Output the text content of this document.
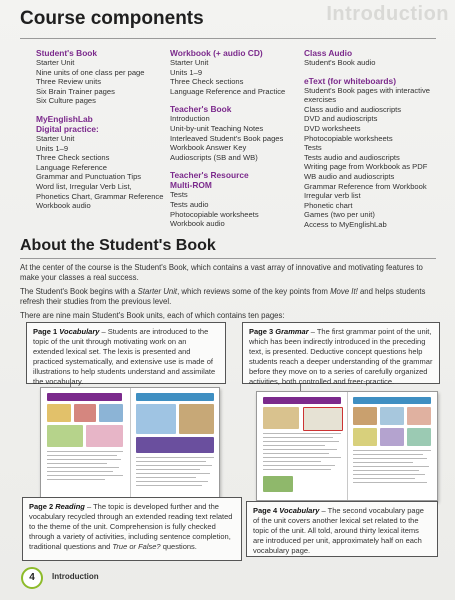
Introduction
Course components
Student's Book
Starter Unit
Nine units of one class per page
Three Review units
Six Brain Trainer pages
Six Culture pages
MyEnglishLab
Digital practice:
Starter Unit
Units 1–9
Three Check sections
Language Reference
Grammar and Punctuation Tips
Word list, Irregular Verb List,
Phonetics Chart, Grammar Reference
Workbook audio
Workbook (+ audio CD)
Starter Unit
Units 1–9
Three Check sections
Language Reference and Practice
Teacher's Book
Introduction
Unit-by-unit Teaching Notes
Interleaved Student's Book pages
Workbook Answer Key
Audioscripts (SB and WB)
Teacher's Resource
Multi-ROM
Tests
Tests audio
Photocopiable worksheets
Workbook audio
Class Audio
Student's Book audio
eText (for whiteboards)
Student's Book pages with interactive
exercises
Class audio and audioscripts
DVD and audioscripts
DVD worksheets
Photocopiable worksheets
Tests
Tests audio and audioscripts
Writing page from Workbook as PDF
WB audio and audioscripts
Grammar Reference from Workbook
Irregular verb list
Phonetic chart
Games (two per unit)
Access to MyEnglishLab
About the Student's Book
At the center of the course is the Student's Book, which contains a vast array of innovative and motivating features to make your classes a real success.
The Student's Book begins with a Starter Unit, which reviews some of the key points from Move It! and helps students refresh their studies from the previous level.
There are nine main Student's Book units, each of which contains ten pages:
Page 1 Vocabulary – Students are introduced to the topic of the unit through motivating work on an extended lexical set. The lexis is presented and practiced systematically, and extensive use is made of illustrations to help students understand and assimilate the vocabulary.
Page 3 Grammar – The first grammar point of the unit, which has been indirectly introduced in the preceding text, is presented. Deductive concept questions help students reach a deeper understanding of the grammar before they move on to a series of carefully organized activities, both controlled and freer-practice.
Page 2 Reading – The topic is developed further and the vocabulary recycled through an extended reading text related to the theme of the unit. Comprehension is fully checked through a variety of activities, including sentence completion, traditional questions and True or False? questions.
Page 4 Vocabulary – The second vocabulary page of the unit covers another lexical set related to the topic of the unit. All told, around thirty lexical items are introduced per unit, approximately half on each vocabulary page.
4	Introduction
